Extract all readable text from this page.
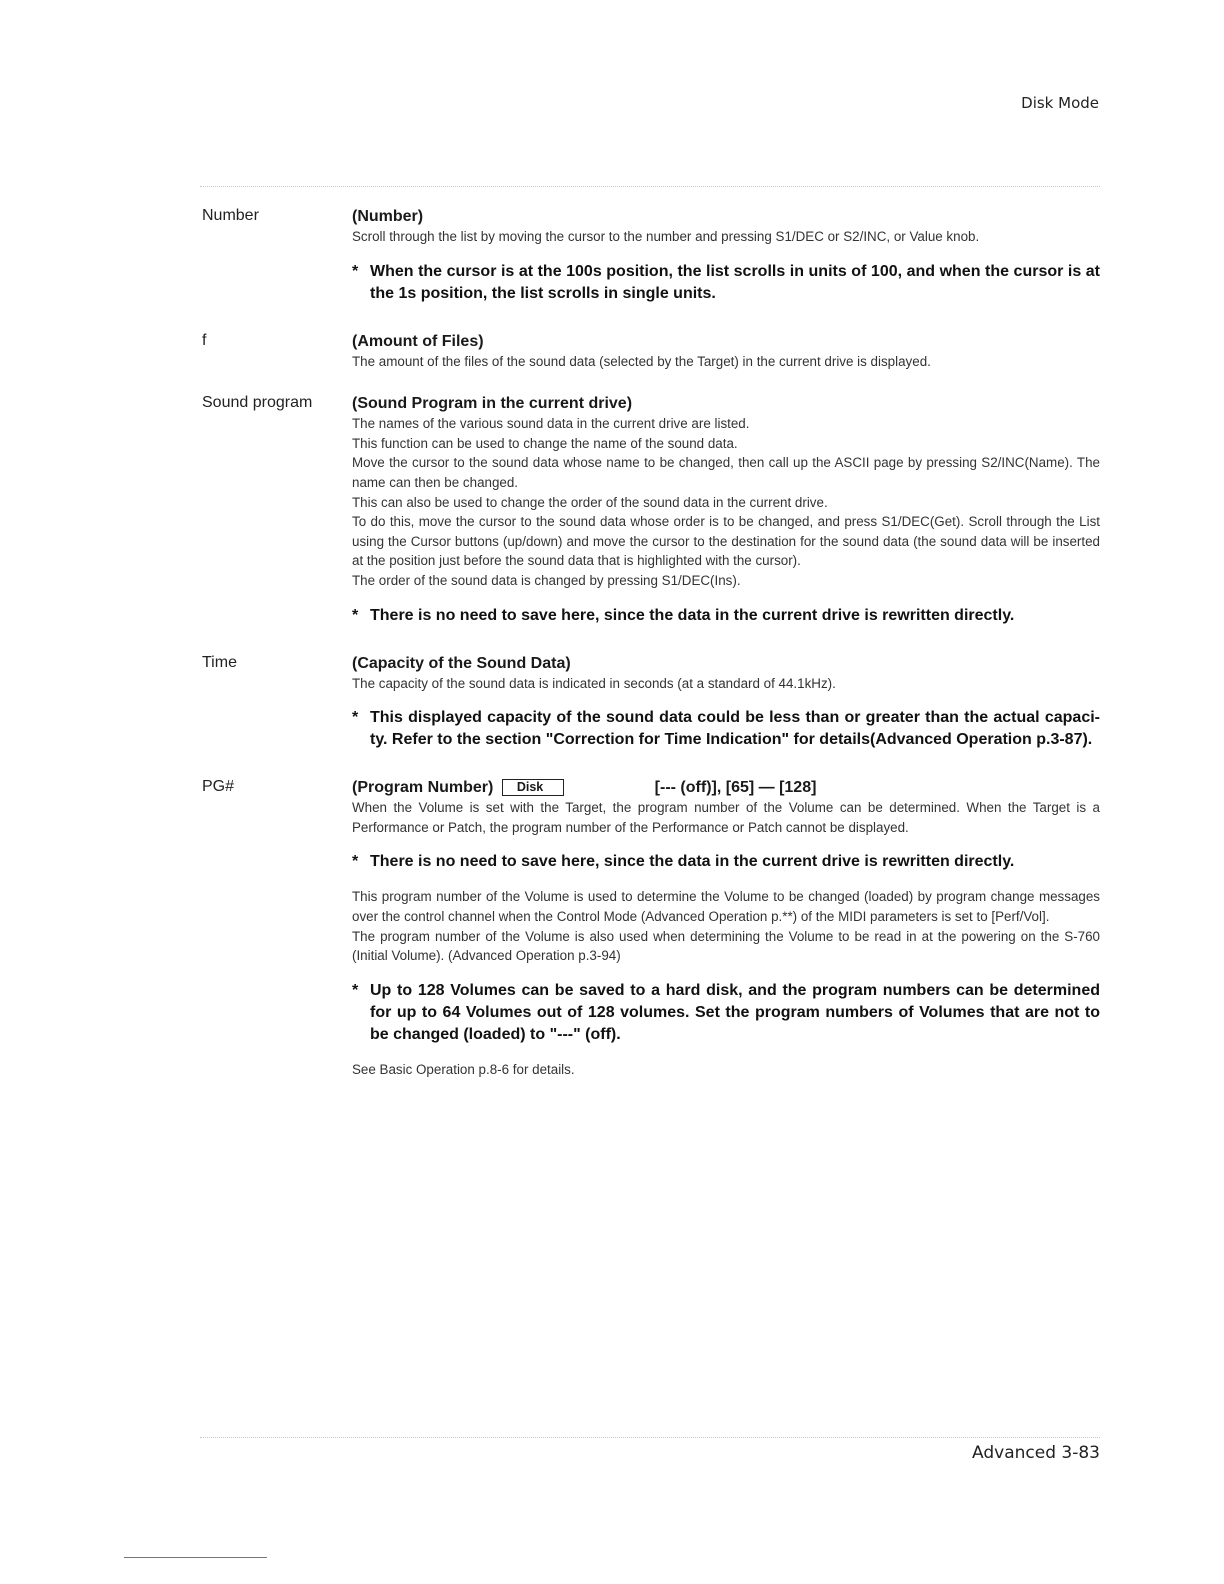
Disk Mode
Number	(Number)
Scroll through the list by moving the cursor to the number and pressing S1/DEC or S2/INC, or Value knob.
* When the cursor is at the 100s position, the list scrolls in units of 100, and when the cursor is at the 1s position, the list scrolls in single units.
f	(Amount of Files)
The amount of the files of the sound data (selected by the Target) in the current drive is displayed.
Sound program	(Sound Program in the current drive)
The names of the various sound data in the current drive are listed.
This function can be used to change the name of the sound data.
Move the cursor to the sound data whose name to be changed, then call up the ASCII page by pressing S2/INC(Name). The name can then be changed.
This can also be used to change the order of the sound data in the current drive.
To do this, move the cursor to the sound data whose order is to be changed, and press S1/DEC(Get). Scroll through the List using the Cursor buttons (up/down) and move the cursor to the destination for the sound data (the sound data will be inserted at the position just before the sound data that is highlighted with the cursor).
The order of the sound data is changed by pressing S1/DEC(Ins).
* There is no need to save here, since the data in the current drive is rewritten directly.
Time	(Capacity of the Sound Data)
The capacity of the sound data is indicated in seconds (at a standard of 44.1kHz).
* This displayed capacity of the sound data could be less than or greater than the actual capaci-ty. Refer to the section "Correction for Time Indication" for details(Advanced Operation p.3-87).
PG#	(Program Number) Disk	[--- (off)], [65] — [128]
When the Volume is set with the Target, the program number of the Volume can be determined. When the Target is a Performance or Patch, the program number of the Performance or Patch cannot be displayed.
* There is no need to save here, since the data in the current drive is rewritten directly.
This program number of the Volume is used to determine the Volume to be changed (loaded) by program change messages over the control channel when the Control Mode (Advanced Operation p.**) of the MIDI parameters is set to [Perf/Vol].
The program number of the Volume is also used when determining the Volume to be read in at the powering on the S-760 (Initial Volume). (Advanced Operation p.3-94)
* Up to 128 Volumes can be saved to a hard disk, and the program numbers can be determined for up to 64 Volumes out of 128 volumes. Set the program numbers of Volumes that are not to be changed (loaded) to "---" (off).
See Basic Operation p.8-6 for details.
Advanced 3-83
